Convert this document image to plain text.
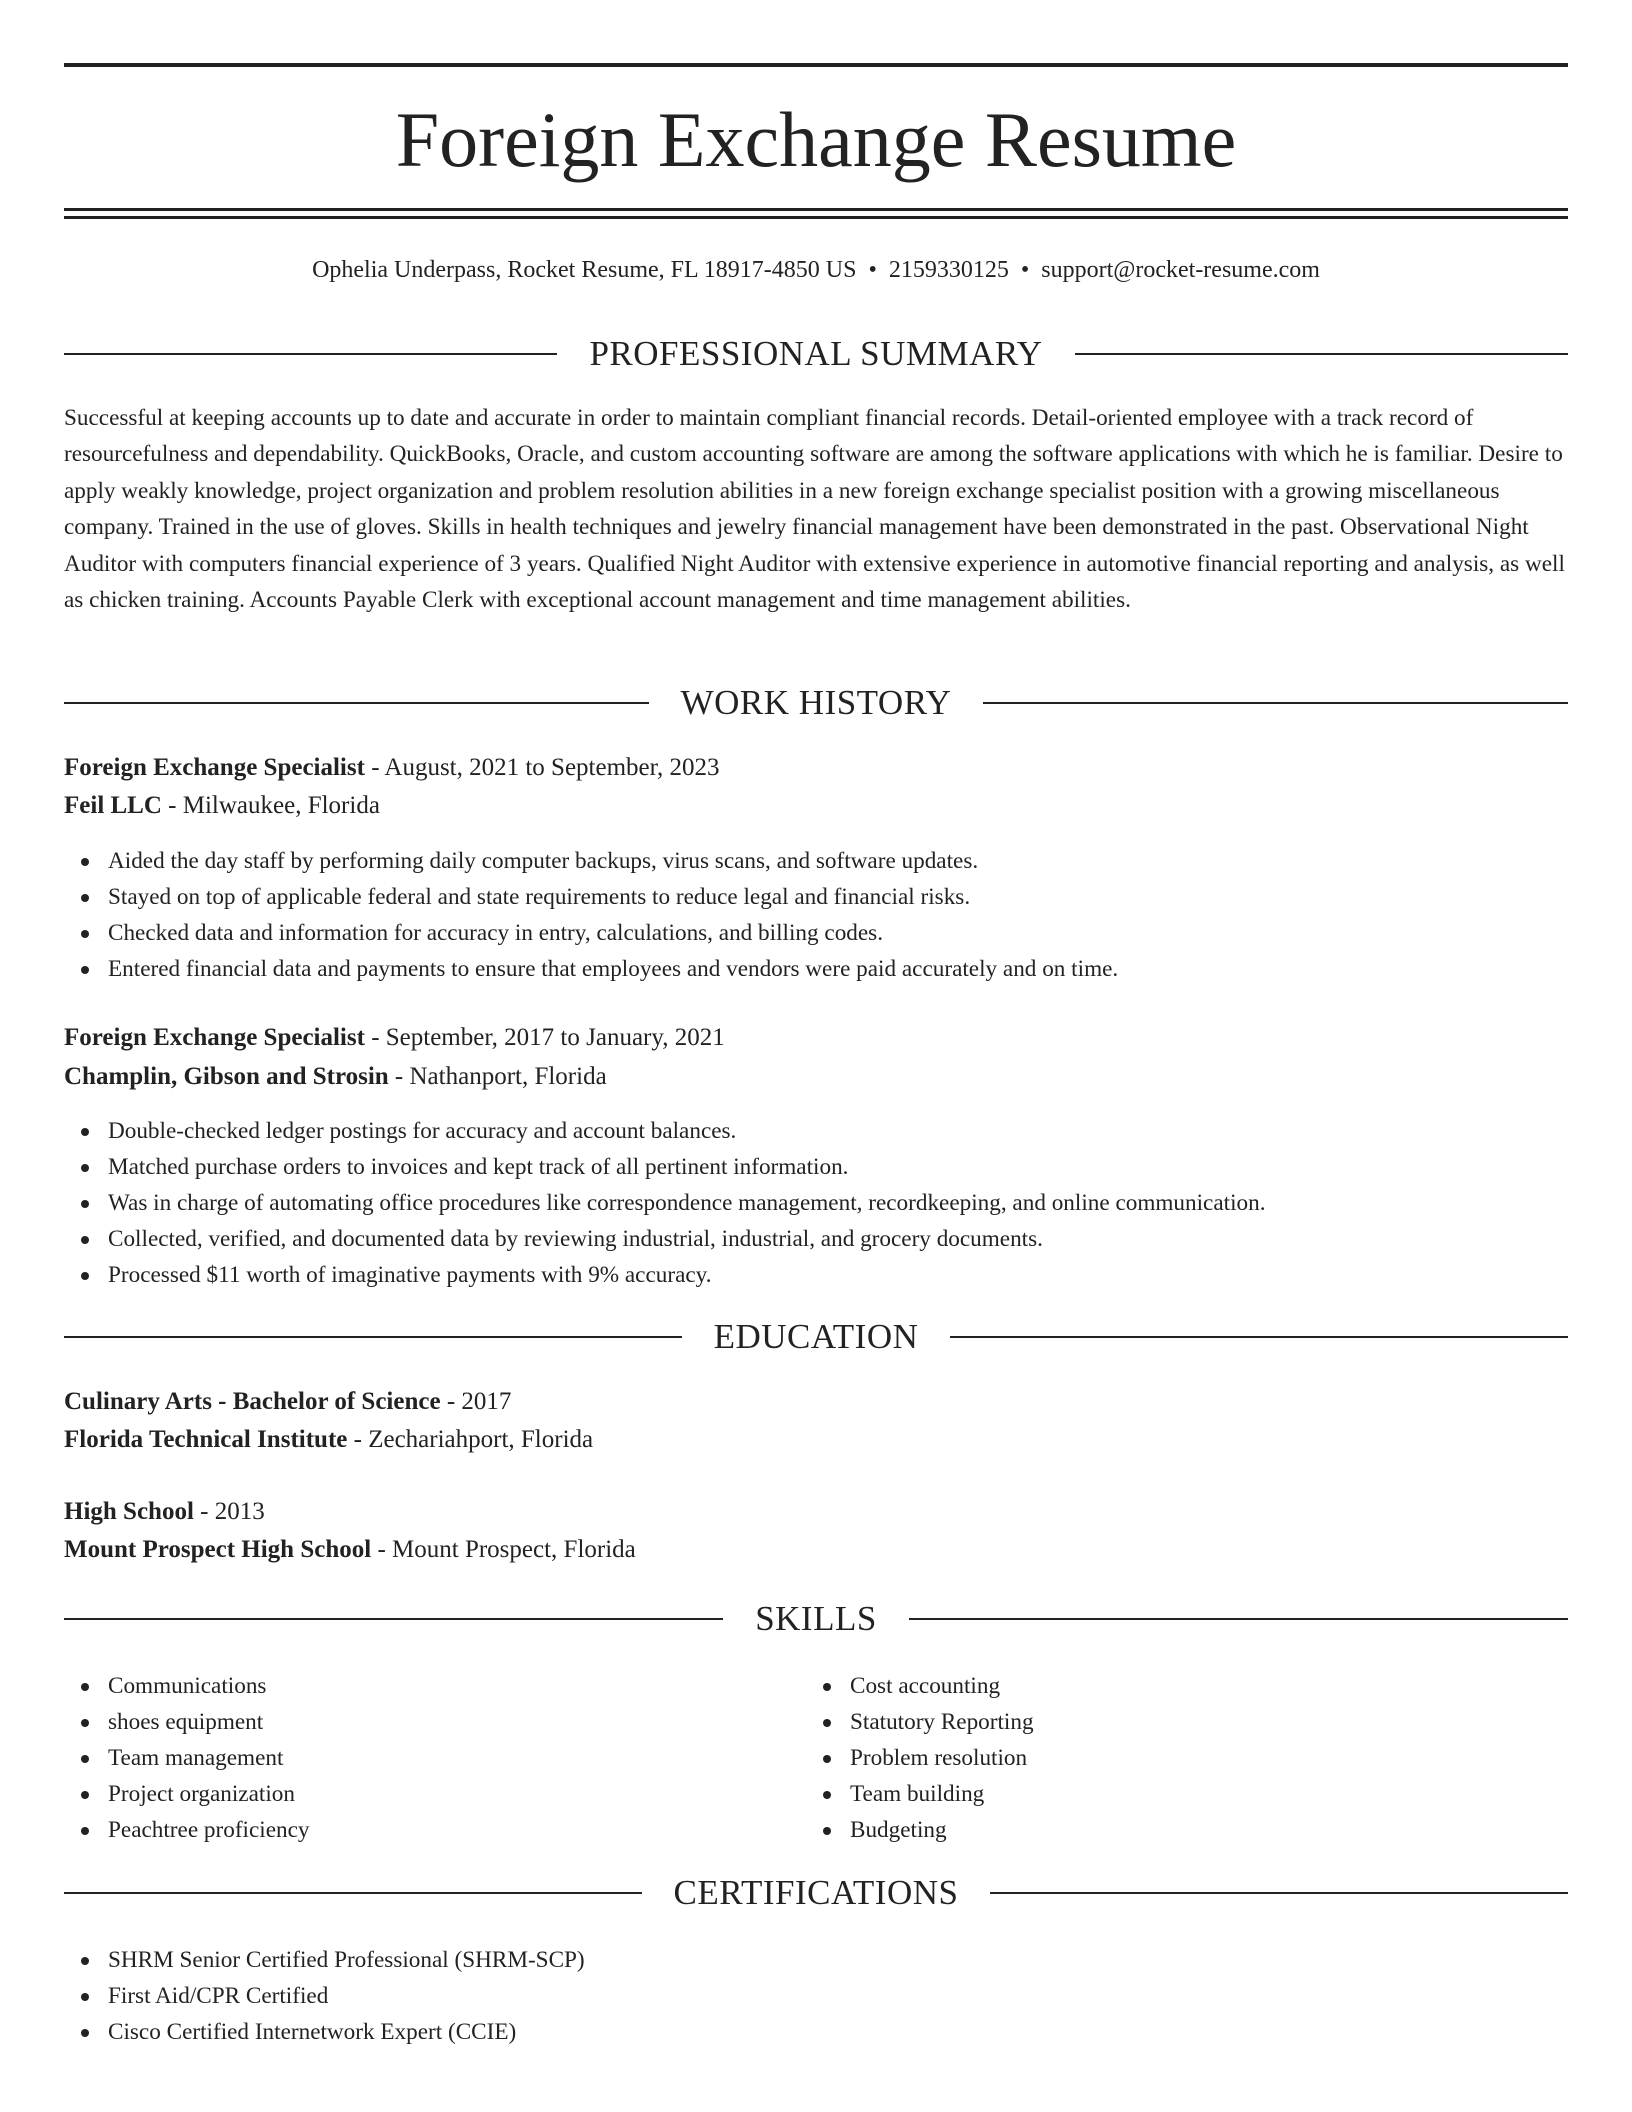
Foreign Exchange Resume
Ophelia Underpass, Rocket Resume, FL 18917-4850 US • 2159330125 • support@rocket-resume.com
PROFESSIONAL SUMMARY

Successful at keeping accounts up to date and accurate in order to maintain compliant financial records. Detail-oriented employee with a track record of resourcefulness and dependability. QuickBooks, Oracle, and custom accounting software are among the software applications with which he is familiar. Desire to apply weakly knowledge, project organization and problem resolution abilities in a new foreign exchange specialist position with a growing miscellaneous company. Trained in the use of gloves. Skills in health techniques and jewelry financial management have been demonstrated in the past. Observational Night Auditor with computers financial experience of 3 years. Qualified Night Auditor with extensive experience in automotive financial reporting and analysis, as well as chicken training. Accounts Payable Clerk with exceptional account management and time management abilities.

WORK HISTORY
Foreign Exchange Specialist - August, 2021 to September, 2023
Feil LLC - Milwaukee, Florida
Aided the day staff by performing daily computer backups, virus scans, and software updates.
Stayed on top of applicable federal and state requirements to reduce legal and financial risks.
Checked data and information for accuracy in entry, calculations, and billing codes.
Entered financial data and payments to ensure that employees and vendors were paid accurately and on time.
Foreign Exchange Specialist - September, 2017 to January, 2021
Champlin, Gibson and Strosin - Nathanport, Florida
Double-checked ledger postings for accuracy and account balances.
Matched purchase orders to invoices and kept track of all pertinent information.
Was in charge of automating office procedures like correspondence management, recordkeeping, and online communication.
Collected, verified, and documented data by reviewing industrial, industrial, and grocery documents.
Processed $11 worth of imaginative payments with 9% accuracy.
EDUCATION
Culinary Arts - Bachelor of Science - 2017
Florida Technical Institute - Zechariahport, Florida
High School - 2013
Mount Prospect High School - Mount Prospect, Florida
SKILLS
Communications
shoes equipment
Team management
Project organization
Peachtree proficiency
Cost accounting
Statutory Reporting
Problem resolution
Team building
Budgeting
CERTIFICATIONS
SHRM Senior Certified Professional (SHRM-SCP)
First Aid/CPR Certified
Cisco Certified Internetwork Expert (CCIE)
